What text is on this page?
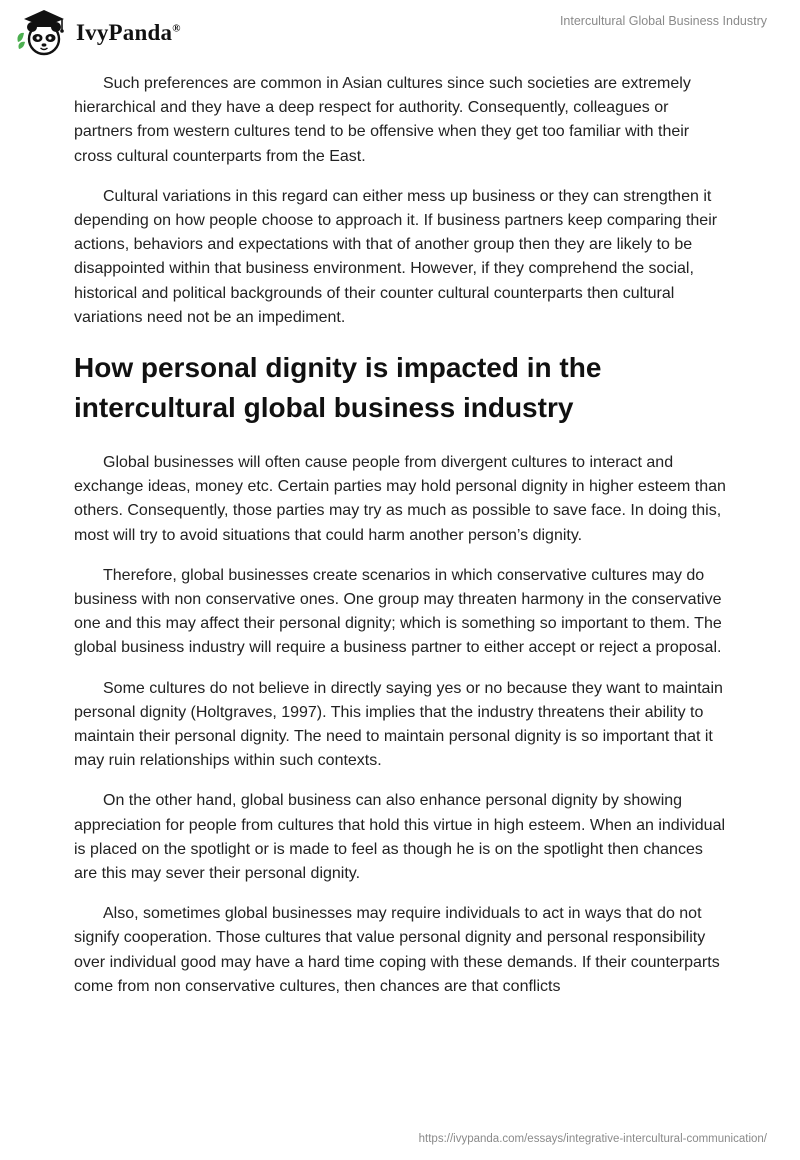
IvyPanda®
Intercultural Global Business Industry

Such preferences are common in Asian cultures since such societies are extremely hierarchical and they have a deep respect for authority. Consequently, colleagues or partners from western cultures tend to be offensive when they get too familiar with their cross cultural counterparts from the East.

Cultural variations in this regard can either mess up business or they can strengthen it depending on how people choose to approach it. If business partners keep comparing their actions, behaviors and expectations with that of another group then they are likely to be disappointed within that business environment. However, if they comprehend the social, historical and political backgrounds of their counter cultural counterparts then cultural variations need not be an impediment.

How personal dignity is impacted in the intercultural global business industry

Global businesses will often cause people from divergent cultures to interact and exchange ideas, money etc. Certain parties may hold personal dignity in higher esteem than others. Consequently, those parties may try as much as possible to save face. In doing this, most will try to avoid situations that could harm another person’s dignity.

Therefore, global businesses create scenarios in which conservative cultures may do business with non conservative ones. One group may threaten harmony in the conservative one and this may affect their personal dignity; which is something so important to them. The global business industry will require a business partner to either accept or reject a proposal.

Some cultures do not believe in directly saying yes or no because they want to maintain personal dignity (Holtgraves, 1997). This implies that the industry threatens their ability to maintain their personal dignity. The need to maintain personal dignity is so important that it may ruin relationships within such contexts.

On the other hand, global business can also enhance personal dignity by showing appreciation for people from cultures that hold this virtue in high esteem. When an individual is placed on the spotlight or is made to feel as though he is on the spotlight then chances are this may sever their personal dignity.

Also, sometimes global businesses may require individuals to act in ways that do not signify cooperation. Those cultures that value personal dignity and personal responsibility over individual good may have a hard time coping with these demands. If their counterparts come from non conservative cultures, then chances are that conflicts

https://ivypanda.com/essays/integrative-intercultural-communication/
